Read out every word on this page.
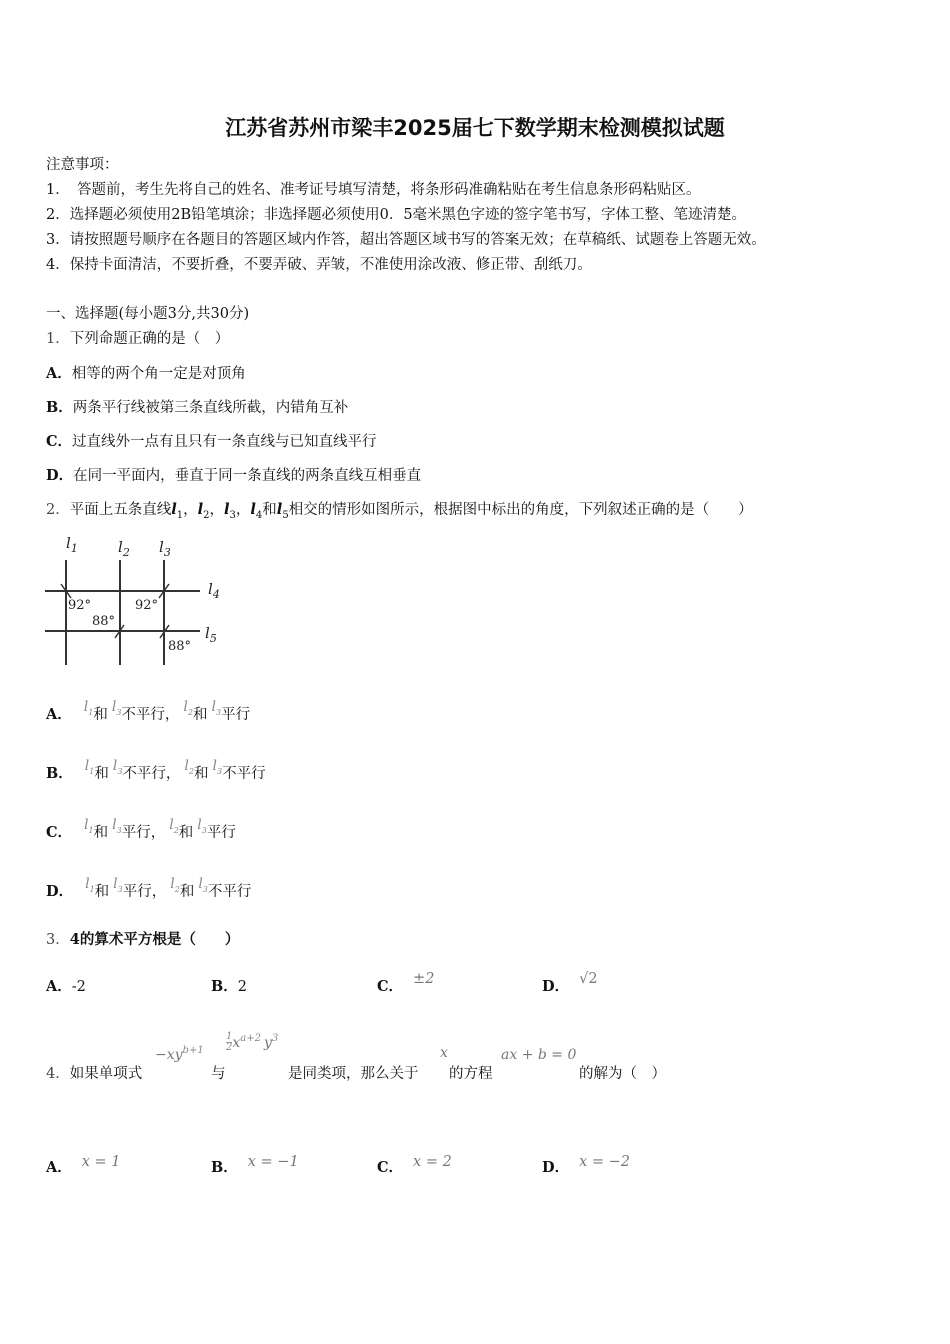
江苏省苏州市梁丰2025届七下数学期末检测模拟试题
注意事项：
1．　答题前，考生先将自己的姓名、准考证号填写清楚，将条形码准确粘贴在考生信息条形码粘贴区。
2．选择题必须使用2B铅笔填涂；非选择题必须使用0．5毫米黑色字迹的签字笔书写，字体工整、笔迹清楚。
3．请按照题号顺序在各题目的答题区域内作答，超出答题区域书写的答案无效；在草稿纸、试题卷上答题无效。
4．保持卡面清洁，不要折叠，不要弄破、弄皱，不准使用涂改液、修正带、刮纸刀。
一、选择题(每小题3分,共30分)
1．下列命题正确的是（　）
A．相等的两个角一定是对顶角
B．两条平行线被第三条直线所截，内错角互补
C．过直线外一点有且只有一条直线与已知直线平行
D．在同一平面内，垂直于同一条直线的两条直线互相垂直
2．平面上五条直线$l_1$，$l_2$，$l_3$，$l_4$和$l_5$相交的情形如图所示，根据图中标出的角度，下列叙述正确的是（　　）
$l_1$	$l_2$ $l_3$
$l_4$
$l_5$
92°
88°
92°
88°
A． $l_1$和 $l_3$不平行， $l_2$和 $l_3$平行
B． $l_1$和 $l_3$不平行， $l_2$和 $l_3$不平行
C． $l_1$和 $l_3$平行， $l_2$和 $l_3$平行
D． $l_1$和 $l_3$平行， $l_2$和 $l_3$不平行
3．4的算术平方根是（　　）
A．-2	B．2	C． ±2	D． √2
4．如果单项式
$-xy^{b+1}$
与
$\frac{1}{2} x^{a+2}$ $y^3$
是同类项，那么关于
x
的方程
ax + b = 0
的解为（　）
A． x = 1	B． x = −1	C． x = 2	D． x = −2
